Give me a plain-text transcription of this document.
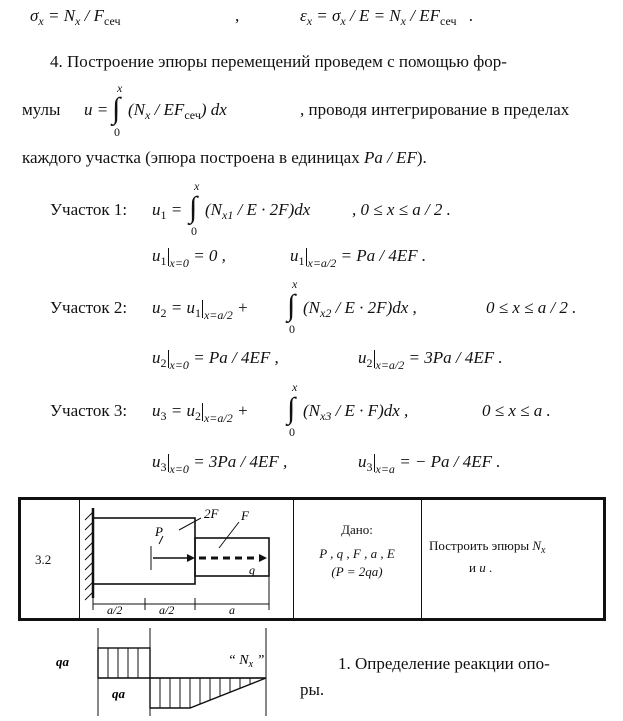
$\sigma_x = N_x / F_{сеч}$	,	$\varepsilon_x = \sigma_x / E = N_x / EF_{сеч}$ .
4. Построение эпюры перемещений проведем с помощью фор-
мулы u =
x
∫
0
$(N_x / EF_{сеч})$ dx	, проводя интегрирование в пределах
каждого участка (эпюра построена в единицах Pa / EF).
Участок 1: $u_1$ =
x
∫
0
$(N_{x1} / E \cdot 2F)dx$ , 0 ≤ x ≤ a / 2 .
$u_1$ $_{x=0}$ = 0 ,	$u_1$ $_{x=a/2}$ = Pa / 4EF .
Участок 2: $u_2 = u_1$ $_{x=a/2}$ +
x
∫
0
$(N_{x2} / E \cdot 2F)dx$ ,	0 ≤ x ≤ a / 2 .
$u_2$ $_{x=0}$ = Pa / 4EF ,	$u_2$ $_{x=a/2}$ = 3Pa / 4EF .
Участок 3: $u_3 = u_2$ $_{x=a/2}$ +
x
∫
0
$(N_{x3} / E \cdot F)dx$ ,	0 ≤ x ≤ a .
$u_3$ $_{x=0}$ = 3Pa / 4EF ,	$u_3$ $_{x=a}$ = − Pa / 4EF .
3.2
2F F
P
q
a/2	a/2	a
Дано:
P , q , F , a , E
(P = 2qa)
Построить эпюры $N_x$
и u .
qa
qa
“ $N_x$ ”	1. Определение реакции опо-
ры.
